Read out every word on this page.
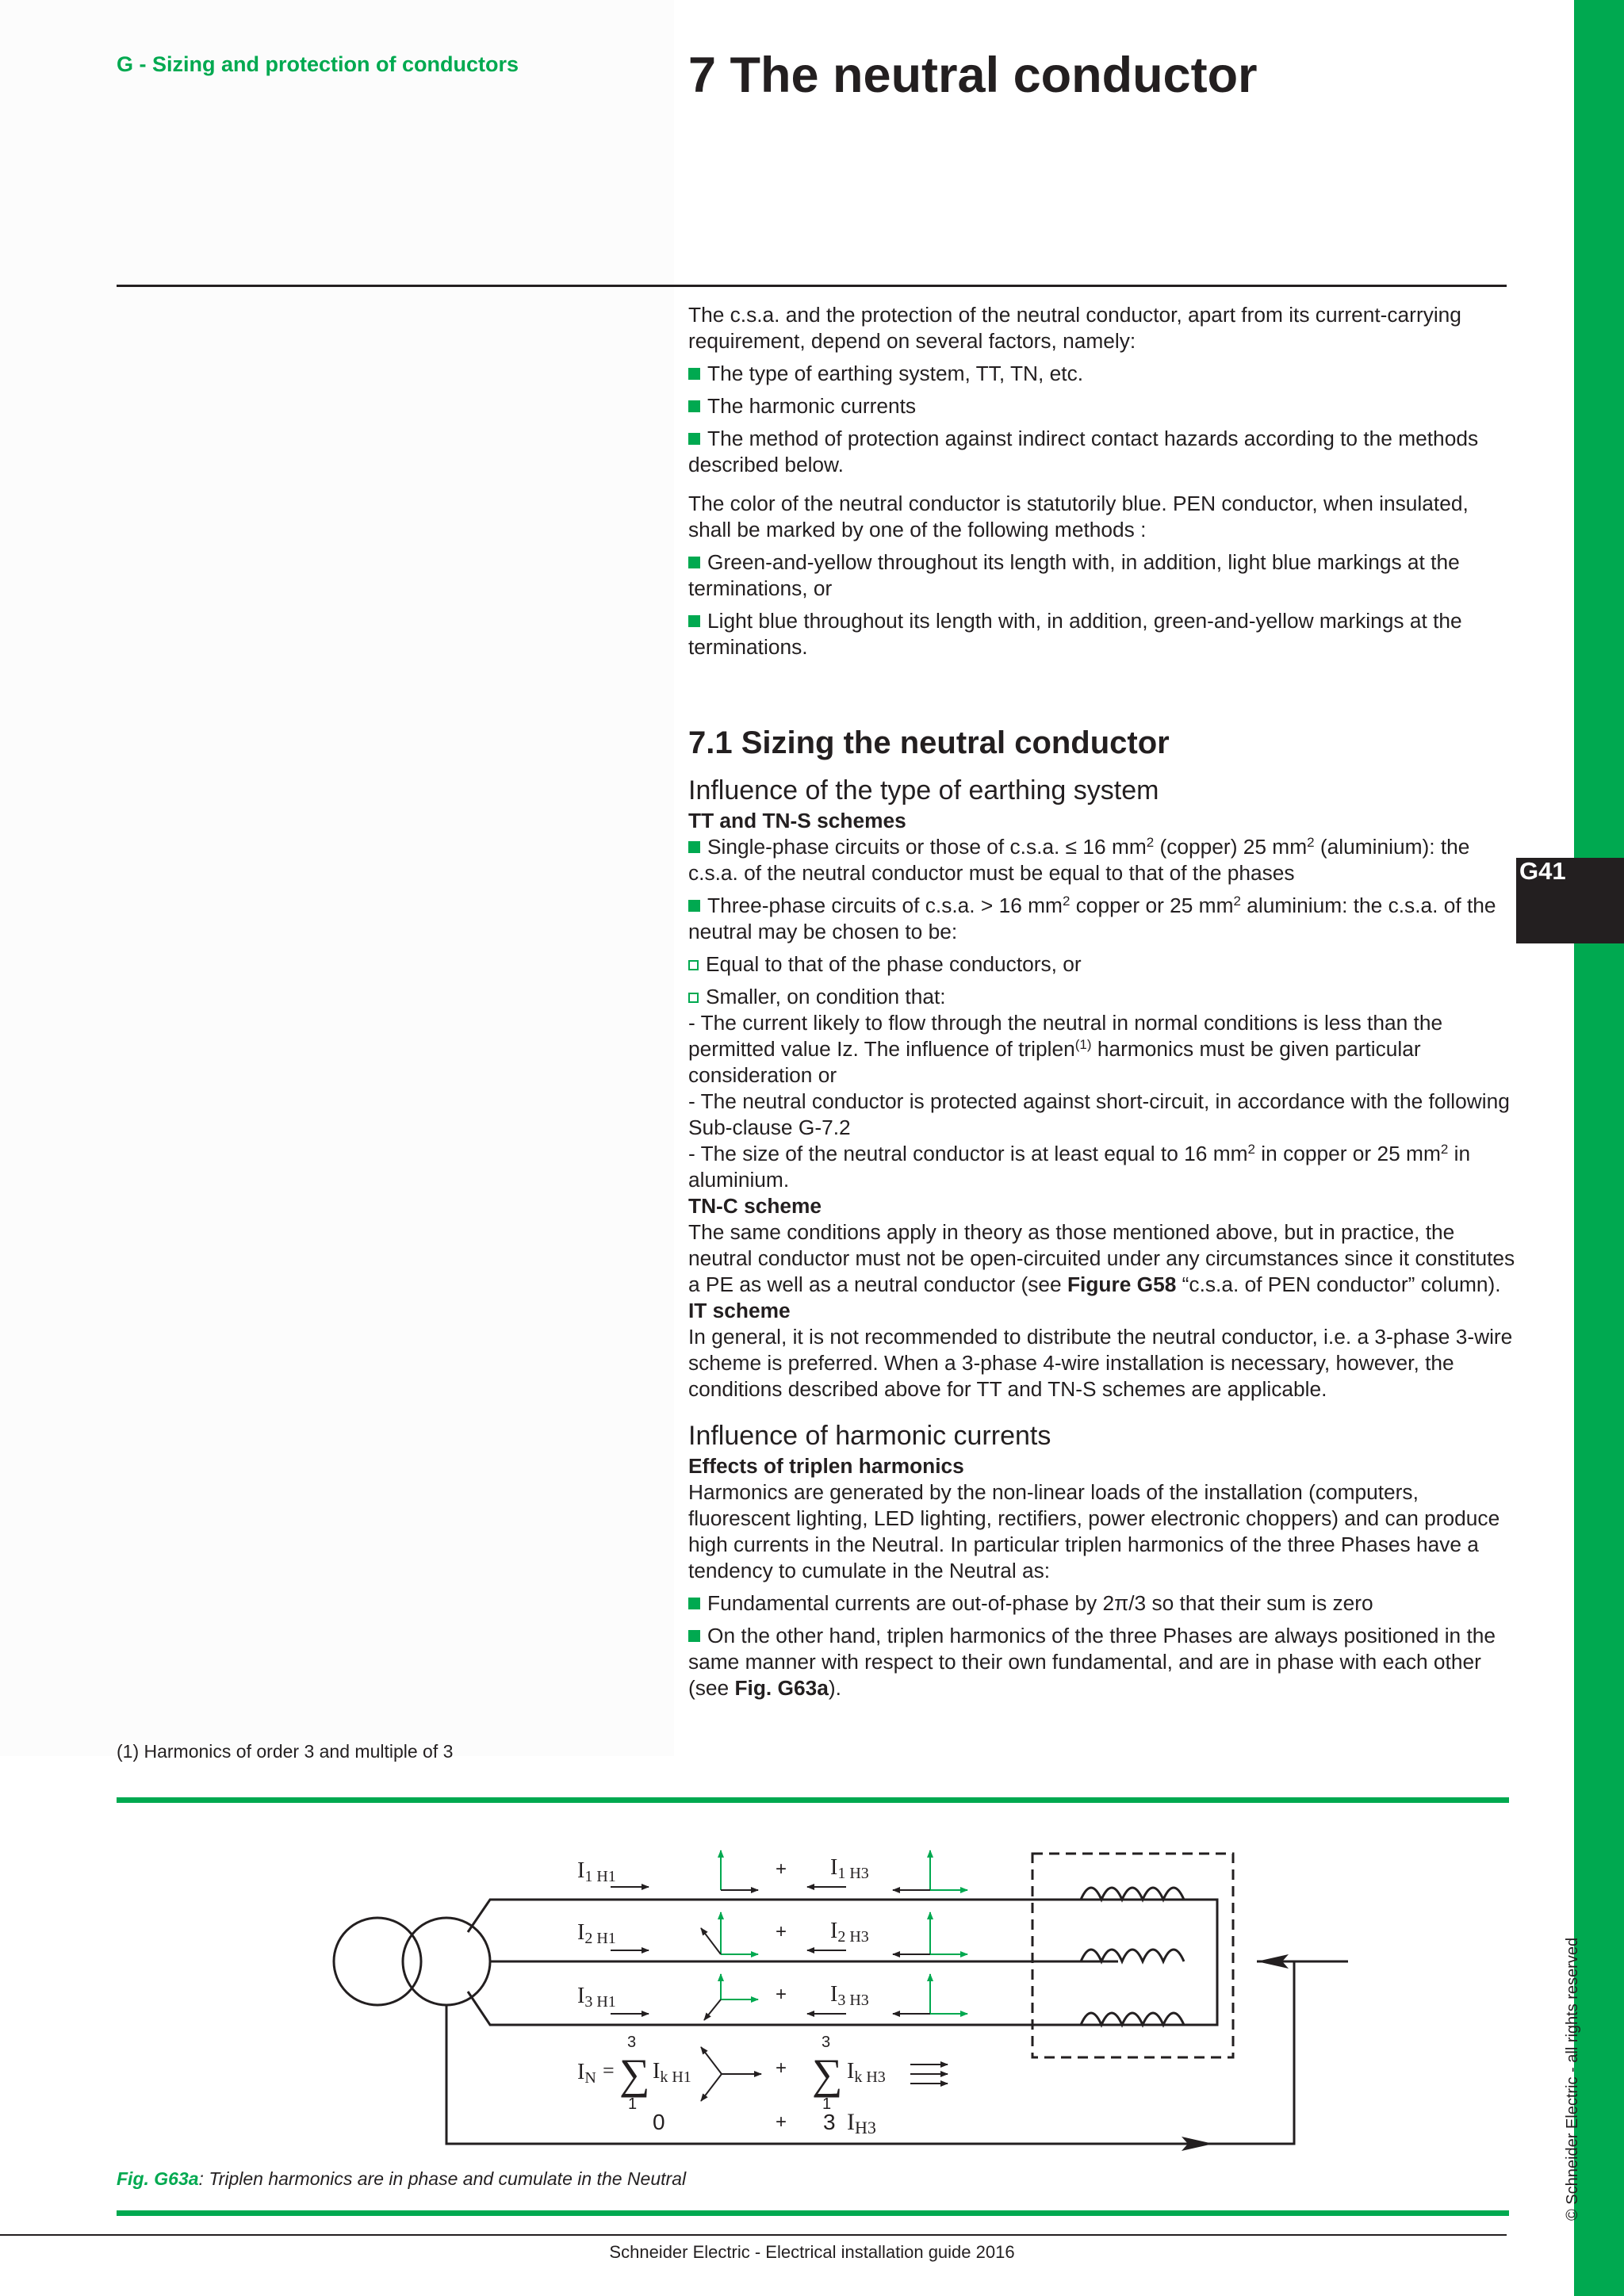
G41
© Schneider Electric - all rights reserved
G - Sizing and protection of conductors	7 The neutral conductor

The c.s.a. and the protection of the neutral conductor, apart from its current-carrying requirement, depend on several factors, namely:

The type of earthing system, TT, TN, etc.

The harmonic currents

The method of protection against indirect contact hazards according to the methods described below.

The color of the neutral conductor is statutorily blue. PEN conductor, when insulated, shall be marked by one of the following methods :

Green-and-yellow throughout its length with, in addition, light blue markings at the terminations, or

Light blue throughout its length with, in addition, green-and-yellow markings at the terminations.

7.1 Sizing the neutral conductor
Influence of the type of earthing system

TT and TN-S schemes

Single-phase circuits or those of c.s.a. ≤ 16 $mm^2$ (copper) 25 $mm^2$ (aluminium): the c.s.a. of the neutral conductor must be equal to that of the phases

Three-phase circuits of c.s.a. > 16 $mm^2$ copper or 25 $mm^2$ aluminium: the c.s.a. of the neutral may be chosen to be:

Equal to that of the phase conductors, or

Smaller, on condition that:

- The current likely to flow through the neutral in normal conditions is less than the permitted value Iz. The influence of triplen$^{(1)}$ harmonics must be given particular consideration or

- The neutral conductor is protected against short-circuit, in accordance with the following Sub-clause G-7.2

- The size of the neutral conductor is at least equal to 16 $mm^2$ in copper or 25 $mm^2$ in aluminium.

TN-C scheme

The same conditions apply in theory as those mentioned above, but in practice, the neutral conductor must not be open-circuited under any circumstances since it constitutes a PE as well as a neutral conductor (see Figure G58 “c.s.a. of PEN conductor” column).

IT scheme

In general, it is not recommended to distribute the neutral conductor, i.e. a 3-phase 3-wire scheme is preferred. When a 3-phase 4-wire installation is necessary, however, the conditions described above for TT and TN-S schemes are applicable.

Influence of harmonic currents

Effects of triplen harmonics

Harmonics are generated by the non-linear loads of the installation (computers, fluorescent lighting, LED lighting, rectifiers, power electronic choppers) and can produce high currents in the Neutral. In particular triplen harmonics of the three Phases have a tendency to cumulate in the Neutral as:

Fundamental currents are out-of-phase by 2π/3 so that their sum is zero

On the other hand, triplen harmonics of the three Phases are always positioned in the same manner with respect to their own fundamental, and are in phase with each other (see Fig. G63a).

(1) Harmonics of order 3 and multiple of 3
I1 H1	+ I1 H3
I2 H1	+ I2 H3
I3 H1	+ I3 H3
IN =
3
∑
1
Ik H1	+
3
∑
1
Ik H3
0	+ 3 IH3
Fig. G63a: Triplen harmonics are in phase and cumulate in the Neutral
Schneider Electric - Electrical installation guide 2016
